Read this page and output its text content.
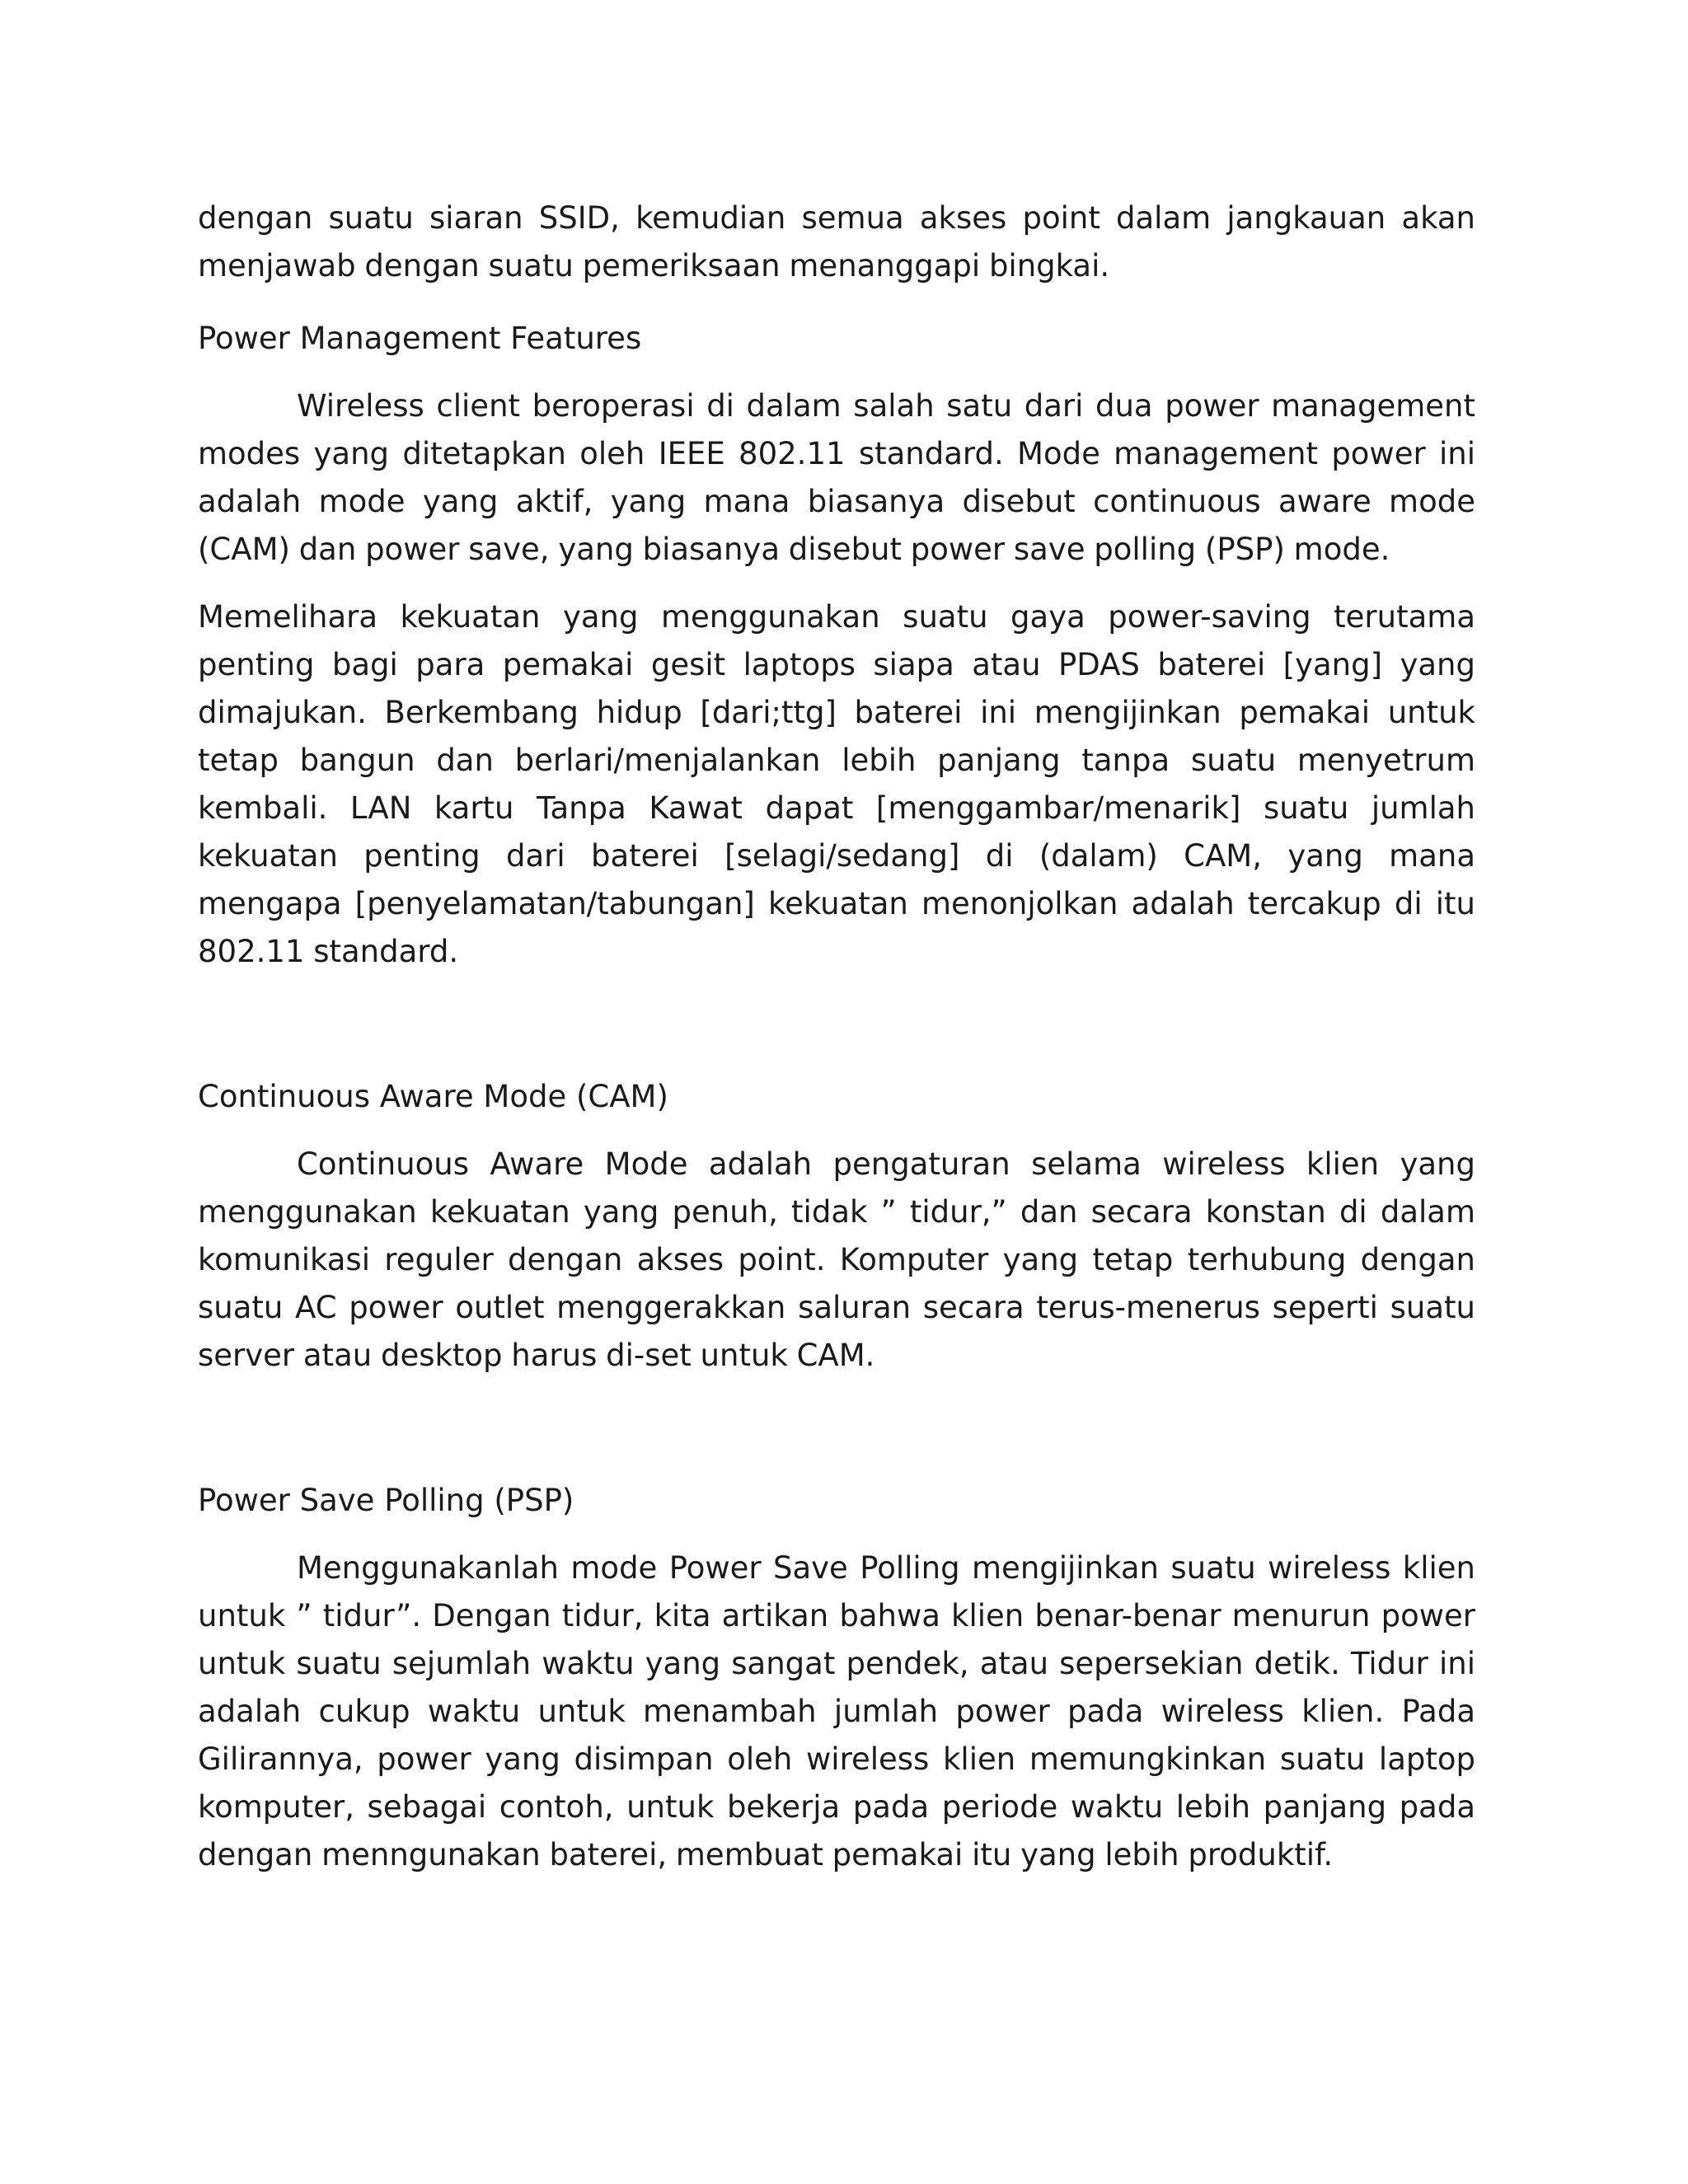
dengan suatu siaran SSID, kemudian semua akses point dalam jangkauan akan menjawab dengan suatu pemeriksaan menanggapi bingkai.

Power Management Features

Wireless client beroperasi di dalam salah satu dari dua power management modes yang ditetapkan oleh IEEE 802.11 standard. Mode management power ini adalah mode yang aktif, yang mana biasanya disebut continuous aware mode (CAM) dan power save, yang biasanya disebut power save polling (PSP) mode.

Memelihara kekuatan yang menggunakan suatu gaya power-saving terutama penting bagi para pemakai gesit laptops siapa atau PDAS baterei [yang] yang dimajukan. Berkembang hidup [dari;ttg] baterei ini mengijinkan pemakai untuk tetap bangun dan berlari/menjalankan lebih panjang tanpa suatu menyetrum kembali. LAN kartu Tanpa Kawat dapat [menggambar/menarik] suatu jumlah kekuatan penting dari baterei [selagi/sedang] di (dalam) CAM, yang mana mengapa [penyelamatan/tabungan] kekuatan menonjolkan adalah tercakup di itu 802.11 standard.

Continuous Aware Mode (CAM)

Continuous Aware Mode adalah pengaturan selama wireless klien yang menggunakan kekuatan yang penuh, tidak ” tidur,” dan secara konstan di dalam komunikasi reguler dengan akses point. Komputer yang tetap terhubung dengan suatu AC power outlet menggerakkan saluran secara terus-menerus seperti suatu server atau desktop harus di-set untuk CAM.

Power Save Polling (PSP)

Menggunakanlah mode Power Save Polling mengijinkan suatu wireless klien untuk ” tidur”. Dengan tidur, kita artikan bahwa klien benar-benar menurun power untuk suatu sejumlah waktu yang sangat pendek, atau sepersekian detik. Tidur ini adalah cukup waktu untuk menambah jumlah power pada wireless klien. Pada Gilirannya, power yang disimpan oleh wireless klien memungkinkan suatu laptop komputer, sebagai contoh, untuk bekerja pada periode waktu lebih panjang pada dengan menngunakan baterei, membuat pemakai itu yang lebih produktif.
